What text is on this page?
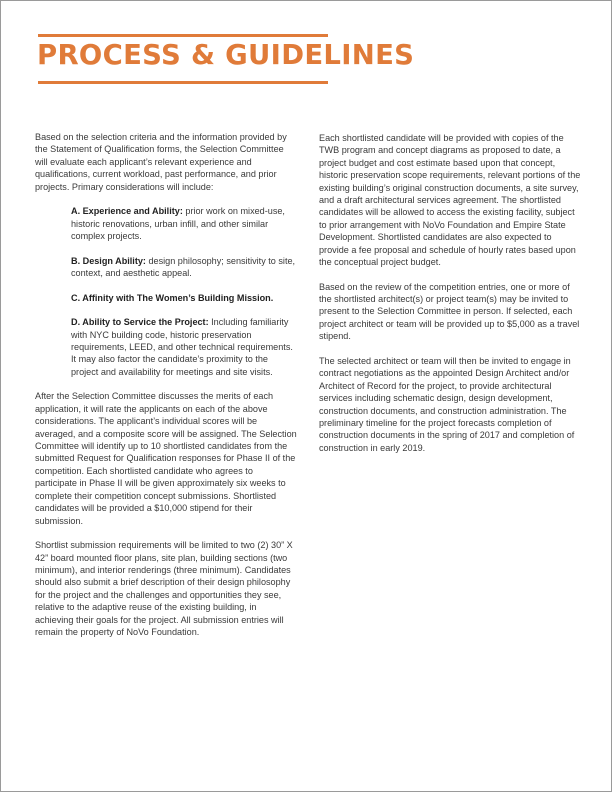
PROCESS & GUIDELINES

Based on the selection criteria and the information provided by the Statement of Qualification forms, the Selection Committee will evaluate each applicant’s relevant experience and qualifications, current workload, past performance, and prior projects. Primary considerations will include:

A. Experience and Ability: prior work on mixed-use, historic renovations, urban infill, and other similar complex projects.
B. Design Ability: design philosophy; sensitivity to site, context, and aesthetic appeal.
C. Affinity with The Women’s Building Mission.
D. Ability to Service the Project: Including familiarity with NYC building code, historic preservation requirements, LEED, and other technical requirements. It may also factor the candidate’s proximity to the project and availability for meetings and site visits.

After the Selection Committee discusses the merits of each application, it will rate the applicants on each of the above considerations. The applicant’s individual scores will be averaged, and a composite score will be assigned. The Selection Committee will identify up to 10 shortlisted candidates from the submitted Request for Qualification responses for Phase II of the competition. Each shortlisted candidate who agrees to participate in Phase II will be given approximately six weeks to complete their competition concept submissions. Shortlisted candidates will be provided a $10,000 stipend for their submission.

Shortlist submission requirements will be limited to two (2) 30” X 42” board mounted floor plans, site plan, building sections (two minimum), and interior renderings (three minimum). Candidates should also submit a brief description of their design philosophy for the project and the challenges and opportunities they see, relative to the adaptive reuse of the existing building, in achieving their goals for the project. All submission entries will remain the property of NoVo Foundation.

Each shortlisted candidate will be provided with copies of the TWB program and concept diagrams as proposed to date, a project budget and cost estimate based upon that concept, historic preservation scope requirements, relevant portions of the existing building’s original construction documents, a site survey, and a draft architectural services agreement. The shortlisted candidates will be allowed to access the existing facility, subject to prior arrangement with NoVo Foundation and Empire State Development. Shortlisted candidates are also expected to provide a fee proposal and schedule of hourly rates based upon the conceptual project budget.

Based on the review of the competition entries, one or more of the shortlisted architect(s) or project team(s) may be invited to present to the Selection Committee in person. If selected, each project architect or team will be provided up to $5,000 as a travel stipend.

The selected architect or team will then be invited to engage in contract negotiations as the appointed Design Architect and/or Architect of Record for the project, to provide architectural services including schematic design, design development, construction documents, and construction administration. The preliminary timeline for the project forecasts completion of construction documents in the spring of 2017 and completion of construction in early 2019.
